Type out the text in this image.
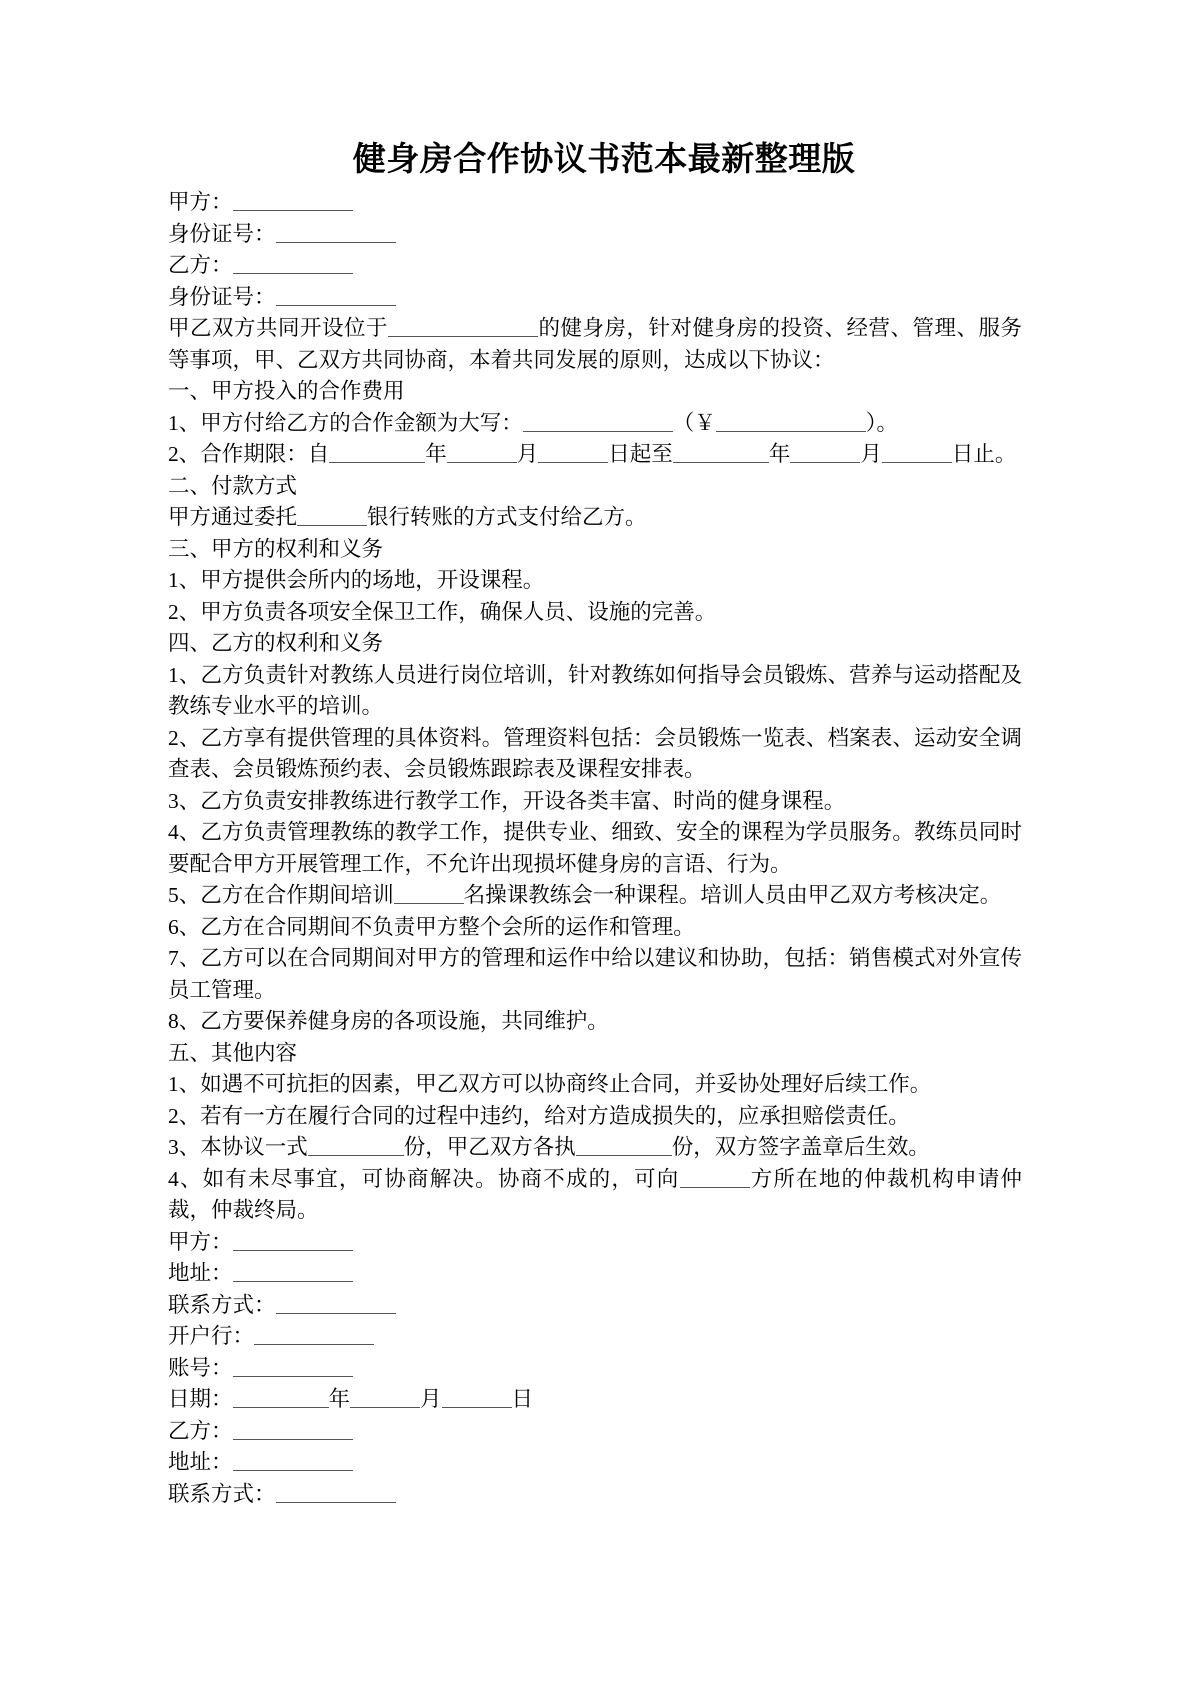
健身房合作协议书范本最新整理版

甲方：

身份证号：

乙方：

身份证号：

甲乙双方共同开设位于	的健身房，针对健身房的投资、经营、管理、服务等事项，甲、乙双方共同协商，本着共同发展的原则，达成以下协议：

一、甲方投入的合作费用

1、甲方付给乙方的合作金额为大写：	（￥	）。

2、合作期限：自	年	月	日起至	年	月	日止。

二、付款方式

甲方通过委托	银行转账的方式支付给乙方。

三、甲方的权利和义务

1、甲方提供会所内的场地，开设课程。

2、甲方负责各项安全保卫工作，确保人员、设施的完善。

四、乙方的权利和义务

1、乙方负责针对教练人员进行岗位培训，针对教练如何指导会员锻炼、营养与运动搭配及教练专业水平的培训。

2、乙方享有提供管理的具体资料。管理资料包括：会员锻炼一览表、档案表、运动安全调查表、会员锻炼预约表、会员锻炼跟踪表及课程安排表。

3、乙方负责安排教练进行教学工作，开设各类丰富、时尚的健身课程。

4、乙方负责管理教练的教学工作，提供专业、细致、安全的课程为学员服务。教练员同时要配合甲方开展管理工作，不允许出现损坏健身房的言语、行为。

5、乙方在合作期间培训	名操课教练会一种课程。培训人员由甲乙双方考核决定。

6、乙方在合同期间不负责甲方整个会所的运作和管理。

7、乙方可以在合同期间对甲方的管理和运作中给以建议和协助，包括：销售模式对外宣传员工管理。

8、乙方要保养健身房的各项设施，共同维护。

五、其他内容

1、如遇不可抗拒的因素，甲乙双方可以协商终止合同，并妥协处理好后续工作。

2、若有一方在履行合同的过程中违约，给对方造成损失的，应承担赔偿责任。

3、本协议一式	份，甲乙双方各执	份，双方签字盖章后生效。

4、如有未尽事宜，可协商解决。协商不成的，可向	方所在地的仲裁机构申请仲裁，仲裁终局。

甲方：

地址：

联系方式：

开户行：

账号：

日期：	年	月	日

乙方：

地址：

联系方式：
